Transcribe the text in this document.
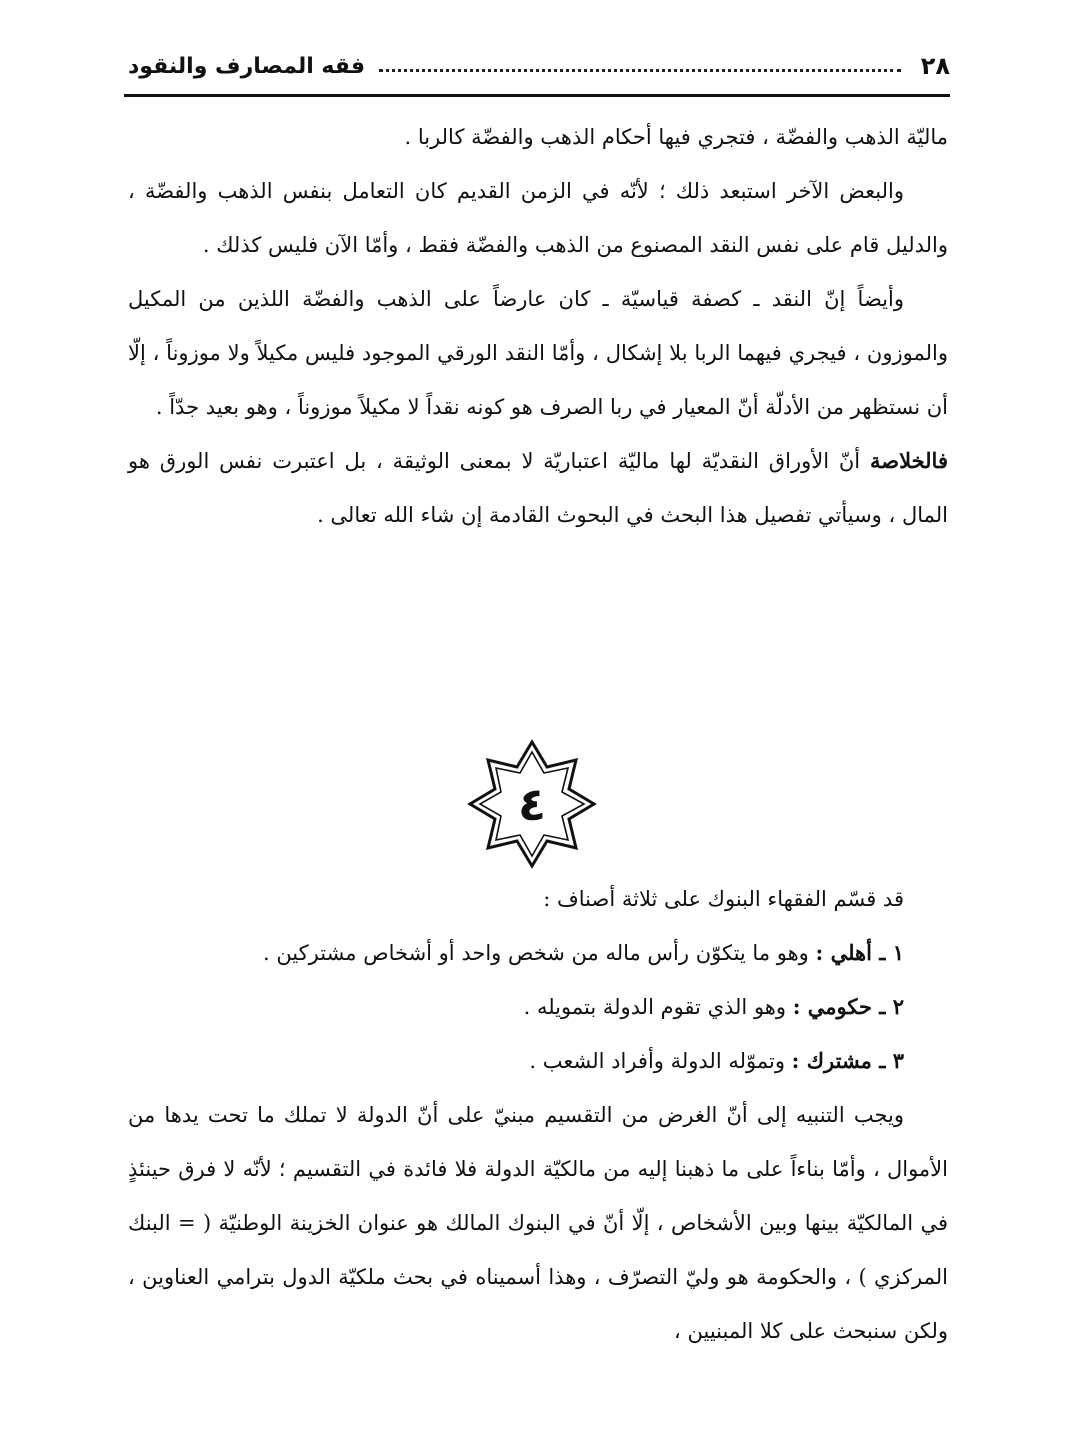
٢٨
فقه المصارف والنقود

ماليّة الذهب والفضّة ، فتجري فيها أحكام الذهب والفضّة كالربا .

والبعض الآخر استبعد ذلك ؛ لأنّه في الزمن القديم كان التعامل بنفس الذهب والفضّة ، والدليل قام على نفس النقد المصنوع من الذهب والفضّة فقط ، وأمّا الآن فليس كذلك .

وأيضاً إنّ النقد ـ كصفة قياسيّة ـ كان عارضاً على الذهب والفضّة اللذين من المكيل والموزون ، فيجري فيهما الربا بلا إشكال ، وأمّا النقد الورقي الموجود فليس مكيلاً ولا موزوناً ، إلّا أن نستظهر من الأدلّة أنّ المعيار في ربا الصرف هو كونه نقداً لا مكيلاً موزوناً ، وهو بعيد جدّاً .

فالخلاصة أنّ الأوراق النقديّة لها ماليّة اعتباريّة لا بمعنى الوثيقة ، بل اعتبرت نفس الورق هو المال ، وسيأتي تفصيل هذا البحث في البحوث القادمة إن شاء الله تعالى .

٤

قد قسّم الفقهاء البنوك على ثلاثة أصناف :

١ ـ أهلي : وهو ما يتكوّن رأس ماله من شخص واحد أو أشخاص مشتركين .

٢ ـ حكومي : وهو الذي تقوم الدولة بتمويله .

٣ ـ مشترك : وتموّله الدولة وأفراد الشعب .

ويجب التنبيه إلى أنّ الغرض من التقسيم مبنيّ على أنّ الدولة لا تملك ما تحت يدها من الأموال ، وأمّا بناءاً على ما ذهبنا إليه من مالكيّة الدولة فلا فائدة في التقسيم ؛ لأنّه لا فرق حينئذٍ في المالكيّة بينها وبين الأشخاص ، إلّا أنّ في البنوك المالك هو عنوان الخزينة الوطنيّة ( = البنك المركزي ) ، والحكومة هو وليّ التصرّف ، وهذا أسميناه في بحث ملكيّة الدول بترامي العناوين ، ولكن سنبحث على كلا المبنيين ،
